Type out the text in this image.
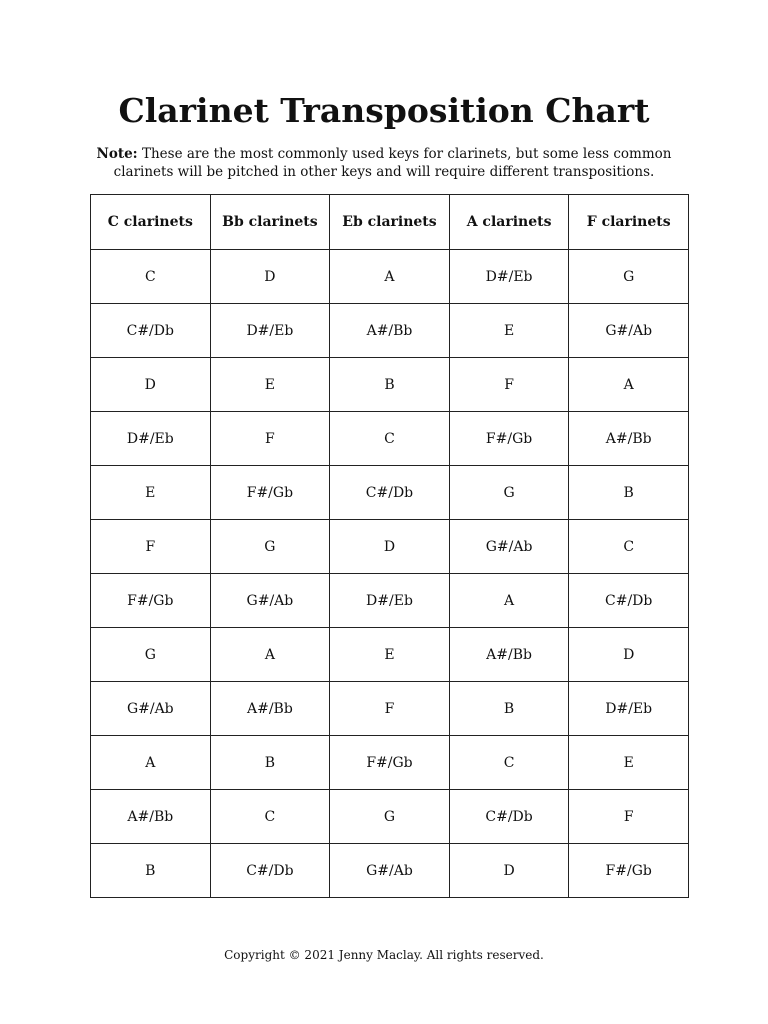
Clarinet Transposition Chart
Note: These are the most commonly used keys for clarinets, but some less common clarinets will be pitched in other keys and will require different transpositions.
C clarinets	Bb clarinets	Eb clarinets	A clarinets	F clarinets
C	D	A	D#/Eb	G
C#/Db	D#/Eb	A#/Bb	E	G#/Ab
D	E	B	F	A
D#/Eb	F	C	F#/Gb	A#/Bb
E	F#/Gb	C#/Db	G	B
F	G	D	G#/Ab	C
F#/Gb	G#/Ab	D#/Eb	A	C#/Db
G	A	E	A#/Bb	D
G#/Ab	A#/Bb	F	B	D#/Eb
A	B	F#/Gb	C	E
A#/Bb	C	G	C#/Db	F
B	C#/Db	G#/Ab	D	F#/Gb
Copyright © 2021 Jenny Maclay. All rights reserved.
